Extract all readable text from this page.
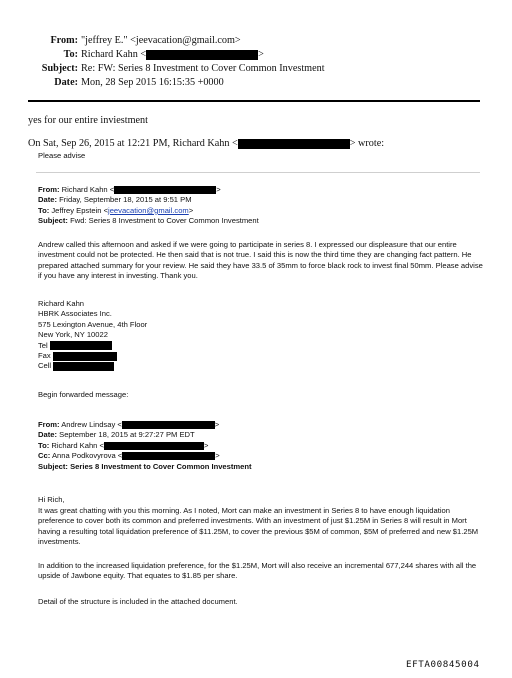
From: "jeffrey E." <jeevacation@gmail.com>
To: Richard Kahn <	>
Subject: Re: FW: Series 8 Investment to Cover Common Investment
Date: Mon, 28 Sep 2015 16:15:35 +0000
yes for our entire inviestment
On Sat, Sep 26, 2015 at 12:21 PM, Richard Kahn <	> wrote:
Please advise
From: Richard Kahn <	>
Date: Friday, September 18, 2015 at 9:51 PM
To: Jeffrey Epstein <jeevacation@gmail.com>
Subject: Fwd: Series 8 Investment to Cover Common Investment
Andrew called this afternoon and asked if we were going to participate in series 8. I expressed our displeasure that our entire investment could not be protected. He then said that is not true. I said this is now the third time they are changing fact pattern. He prepared attached summary for your review. He said they have 33.5 of 35mm to force black rock to invest final 50mm. Please advise if you have any interest in investing. Thank you.
Richard Kahn
HBRK Associates Inc.
575 Lexington Avenue, 4th Floor
New York, NY 10022
Tel
Fax
Cell
Begin forwarded message:
From: Andrew Lindsay <	>
Date: September 18, 2015 at 9:27:27 PM EDT
To: Richard Kahn <	>
Cc: Anna Podkovyrova <	>
Subject: Series 8 Investment to Cover Common Investment
Hi Rich,
It was great chatting with you this morning. As I noted, Mort can make an investment in Series 8 to have enough liquidation preference to cover both its common and preferred investments. With an investment of just $1.25M in Series 8 will result in Mort having a resulting total liquidation preference of $11.25M, to cover the previous $5M of common, $5M of preferred and new $1.25M investments.
In addition to the increased liquidation preference, for the $1.25M, Mort will also receive an incremental 677,244 shares with all the upside of Jawbone equity. That equates to $1.85 per share.
Detail of the structure is included in the attached document.
EFTA00845004
